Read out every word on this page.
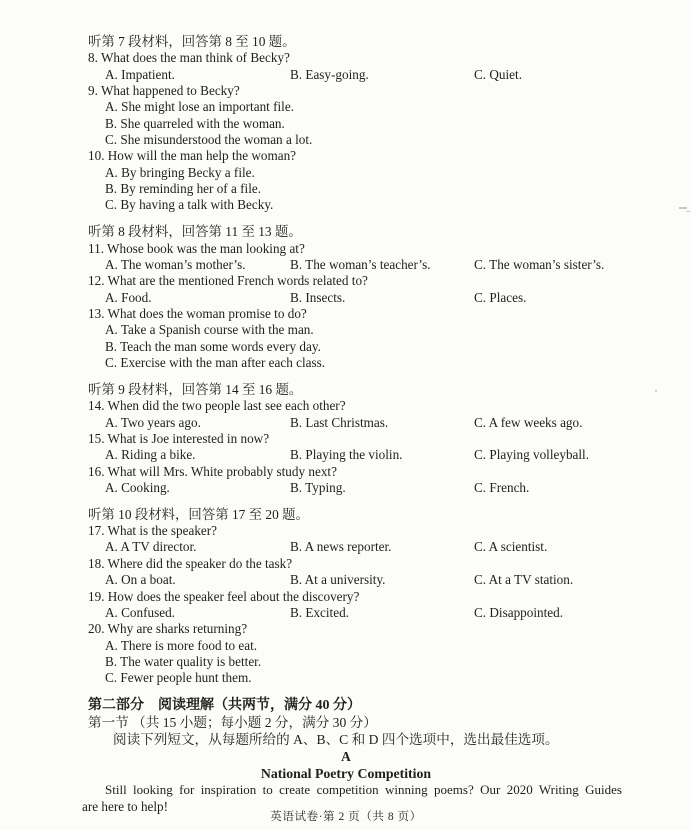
听第 7 段材料，回答第 8 至 10 题。
8. What does the man think of Becky?
A. Impatient.	B. Easy-going.	C. Quiet.
9. What happened to Becky?
A. She might lose an important file.
B. She quarreled with the woman.
C. She misunderstood the woman a lot.
10. How will the man help the woman?
A. By bringing Becky a file.
B. By reminding her of a file.
C. By having a talk with Becky.
听第 8 段材料，回答第 11 至 13 题。
11. Whose book was the man looking at?
A. The woman’s mother’s.	B. The woman’s teacher’s.	C. The woman’s sister’s.
12. What are the mentioned French words related to?
A. Food.	B. Insects.	C. Places.
13. What does the woman promise to do?
A. Take a Spanish course with the man.
B. Teach the man some words every day.
C. Exercise with the man after each class.
听第 9 段材料，回答第 14 至 16 题。
14. When did the two people last see each other?
A. Two years ago.	B. Last Christmas.	C. A few weeks ago.
15. What is Joe interested in now?
A. Riding a bike.	B. Playing the violin.	C. Playing volleyball.
16. What will Mrs. White probably study next?
A. Cooking.	B. Typing.	C. French.
听第 10 段材料，回答第 17 至 20 题。
17. What is the speaker?
A. A TV director.	B. A news reporter.	C. A scientist.
18. Where did the speaker do the task?
A. On a boat.	B. At a university.	C. At a TV station.
19. How does the speaker feel about the discovery?
A. Confused.	B. Excited.	C. Disappointed.
20. Why are sharks returning?
A. There is more food to eat.
B. The water quality is better.
C. Fewer people hunt them.
第二部分　阅读理解（共两节，满分 40 分）
第一节 （共 15 小题；每小题 2 分，满分 30 分）
阅读下列短文，从每题所给的 A、B、C 和 D 四个选项中，选出最佳选项。
A
National Poetry Competition
Still looking for inspiration to create competition winning poems? Our 2020 Writing Guides
are here to help!
英语试卷·第 2 页（共 8 页）
